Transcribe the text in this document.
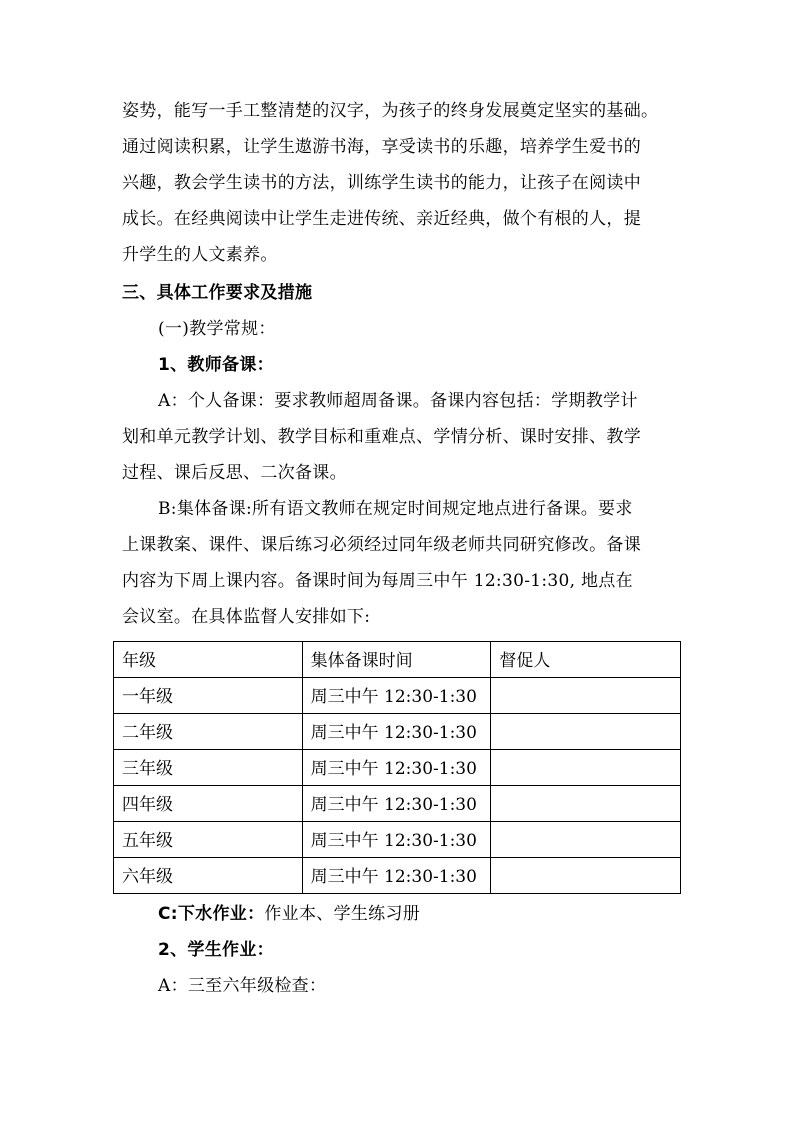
姿势，能写一手工整清楚的汉字，为孩子的终身发展奠定坚实的基础。
通过阅读积累，让学生遨游书海，享受读书的乐趣，培养学生爱书的
兴趣，教会学生读书的方法，训练学生读书的能力，让孩子在阅读中
成长。在经典阅读中让学生走进传统、亲近经典，做个有根的人，提
升学生的人文素养。
三、具体工作要求及措施
(一)教学常规：
1、教师备课：
A：个人备课：要求教师超周备课。备课内容包括：学期教学计
划和单元教学计划、教学目标和重难点、学情分析、课时安排、教学
过程、课后反思、二次备课。
B:集体备课:所有语文教师在规定时间规定地点进行备课。要求
上课教案、课件、课后练习必须经过同年级老师共同研究修改。备课
内容为下周上课内容。备课时间为每周三中午 12:30-1:30, 地点在
会议室。在具体监督人安排如下:
年级	集体备课时间	督促人
一年级	周三中午 12:30-1:30	
二年级	周三中午 12:30-1:30	
三年级	周三中午 12:30-1:30	
四年级	周三中午 12:30-1:30	
五年级	周三中午 12:30-1:30	
六年级	周三中午 12:30-1:30	
C:下水作业：作业本、学生练习册
2、学生作业：
A：三至六年级检查：
